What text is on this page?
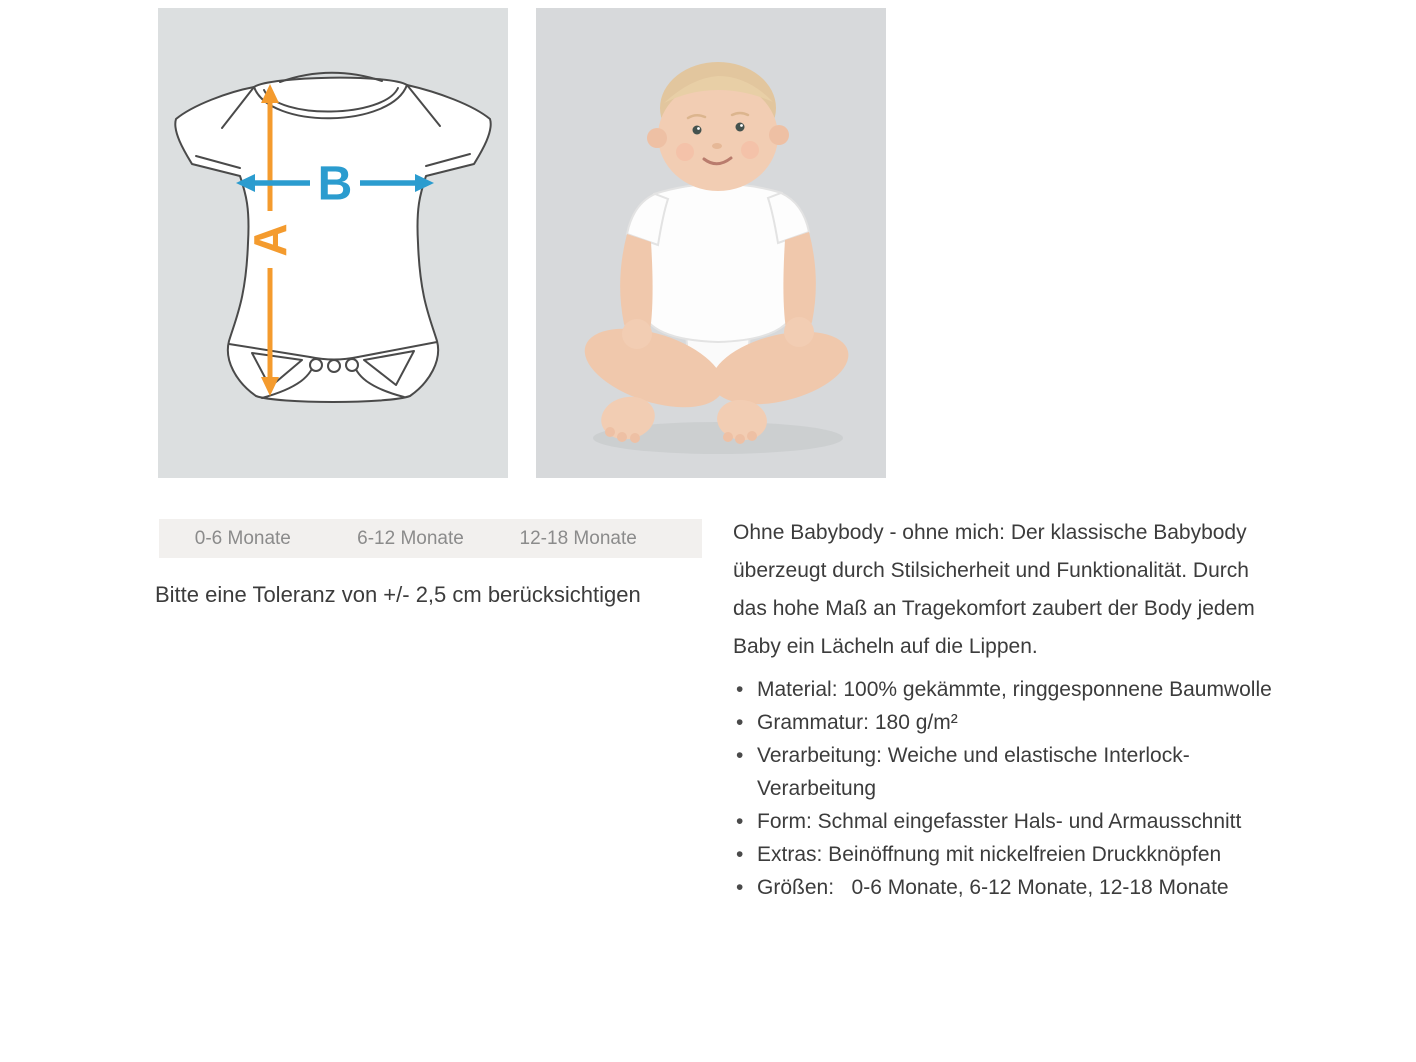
A
B
0-6 Monate	6-12 Monate	12-18 Monate

Bitte eine Toleranz von +/- 2,5 cm berücksichtigen

Ohne Babybody - ohne mich: Der klassische Babybody überzeugt durch Stilsicherheit und Funktionalität. Durch das hohe Maß an Tragekomfort zaubert der Body jedem Baby ein Lächeln auf die Lippen.

• Material: 100% gekämmte, ringgesponnene Baumwolle
• Grammatur: 180 g/m²
• Verarbeitung: Weiche und elastische Interlock-Verarbeitung
• Form: Schmal eingefasster Hals- und Armausschnitt
• Extras: Beinöffnung mit nickelfreien Druckknöpfen
• Größen:   0-6 Monate, 6-12 Monate, 12-18 Monate
